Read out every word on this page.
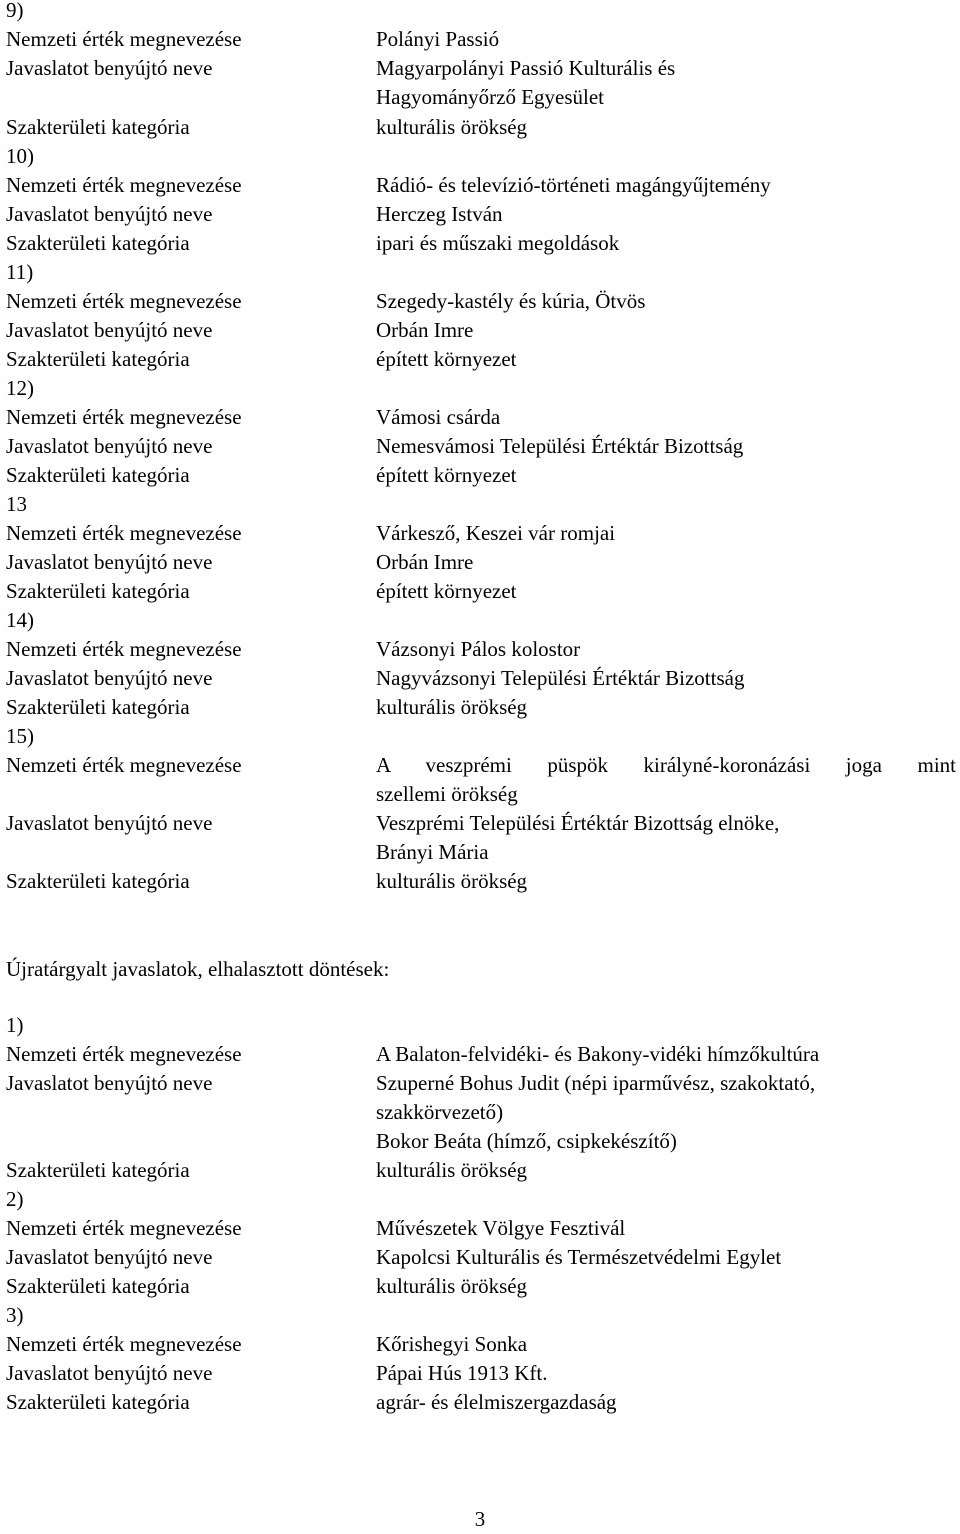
9)

Nemzeti érték megnevezése	Polányi Passió

Javaslatot benyújtó neve	Magyarpolányi Passió Kulturális és

Hagyományőrző Egyesület

Szakterületi kategória	kulturális örökség

10)

Nemzeti érték megnevezése	Rádió- és televízió-történeti magángyűjtemény

Javaslatot benyújtó neve	Herczeg István

Szakterületi kategória	ipari és műszaki megoldások

11)

Nemzeti érték megnevezése	Szegedy-kastély és kúria, Ötvös

Javaslatot benyújtó neve	Orbán Imre

Szakterületi kategória	épített környezet

12)

Nemzeti érték megnevezése	Vámosi csárda

Javaslatot benyújtó neve	Nemesvámosi Települési Értéktár Bizottság

Szakterületi kategória	épített környezet

13

Nemzeti érték megnevezése	Várkesző, Keszei vár romjai

Javaslatot benyújtó neve	Orbán Imre

Szakterületi kategória	épített környezet

14)

Nemzeti érték megnevezése	Vázsonyi Pálos kolostor

Javaslatot benyújtó neve	Nagyvázsonyi Települési Értéktár Bizottság

Szakterületi kategória	kulturális örökség

15)

Nemzeti érték megnevezése	A veszprémi püspök királyné-koronázási joga mint

szellemi örökség

Javaslatot benyújtó neve	Veszprémi Települési Értéktár Bizottság elnöke,

Brányi Mária

Szakterületi kategória	kulturális örökség

Újratárgyalt javaslatok, elhalasztott döntések:

1)

Nemzeti érték megnevezése	A Balaton-felvidéki- és Bakony-vidéki hímzőkultúra

Javaslatot benyújtó neve	Szuperné Bohus Judit (népi iparművész, szakoktató,

szakkörvezető)

Bokor Beáta (hímző, csipkekészítő)

Szakterületi kategória	kulturális örökség

2)

Nemzeti érték megnevezése	Művészetek Völgye Fesztivál

Javaslatot benyújtó neve	Kapolcsi Kulturális és Természetvédelmi Egylet

Szakterületi kategória	kulturális örökség

3)

Nemzeti érték megnevezése	Kőrishegyi Sonka

Javaslatot benyújtó neve	Pápai Hús 1913 Kft.

Szakterületi kategória	agrár- és élelmiszergazdaság

3
